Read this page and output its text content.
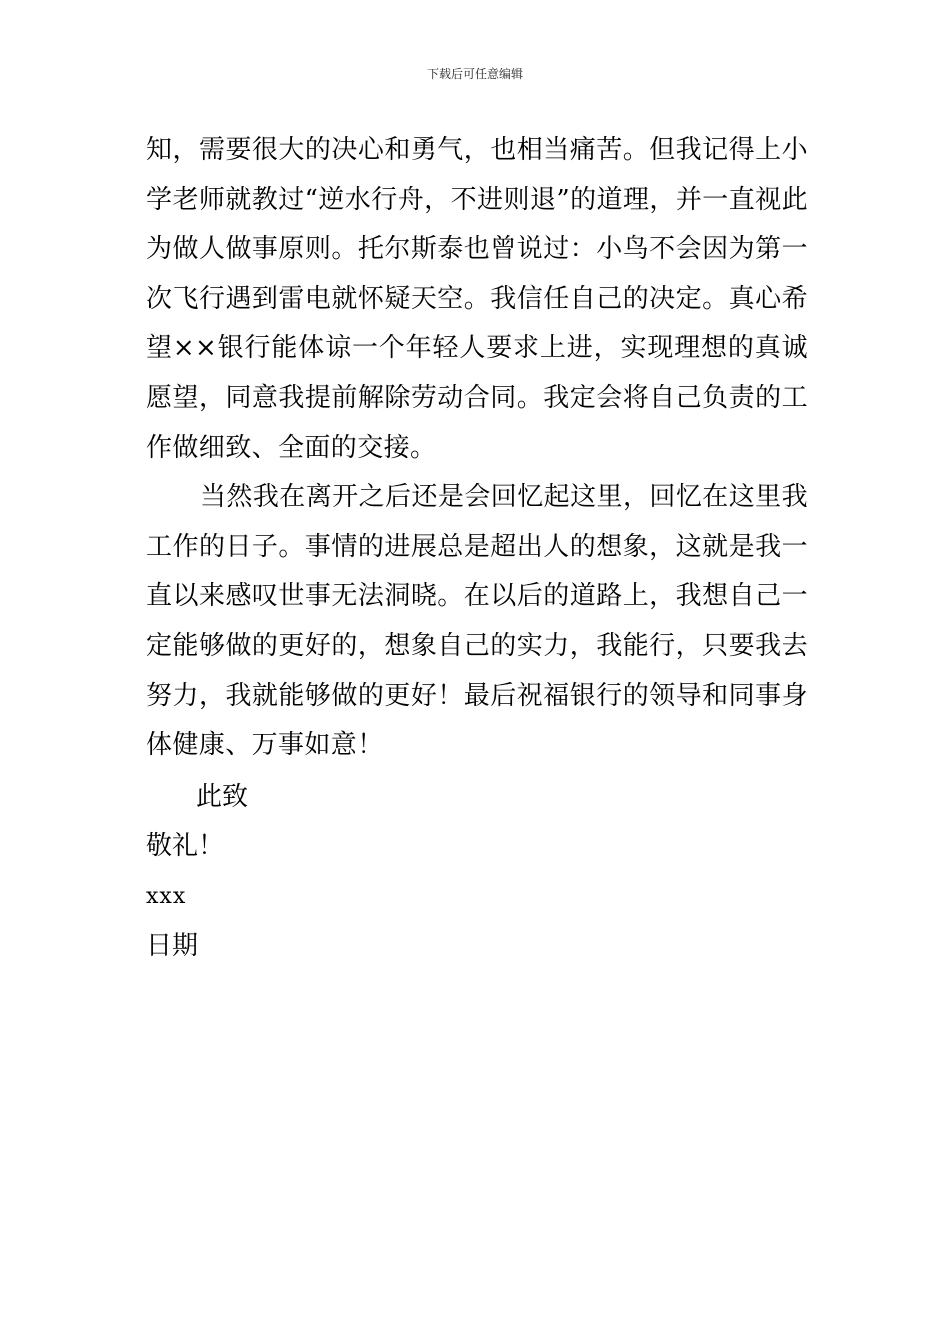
下载后可任意编辑

知，需要很大的决心和勇气，也相当痛苦。但我记得上小学老师就教过“逆水行舟，不进则退”的道理，并一直视此为做人做事原则。托尔斯泰也曾说过：小鸟不会因为第一次飞行遇到雷电就怀疑天空。我信任自己的决定。真心希望××银行能体谅一个年轻人要求上进，实现理想的真诚愿望，同意我提前解除劳动合同。我定会将自己负责的工作做细致、全面的交接。

当然我在离开之后还是会回忆起这里，回忆在这里我工作的日子。事情的进展总是超出人的想象，这就是我一直以来感叹世事无法洞晓。在以后的道路上，我想自己一定能够做的更好的，想象自己的实力，我能行，只要我去努力，我就能够做的更好！最后祝福银行的领导和同事身体健康、万事如意！

此致

敬礼！

xxx

日期
